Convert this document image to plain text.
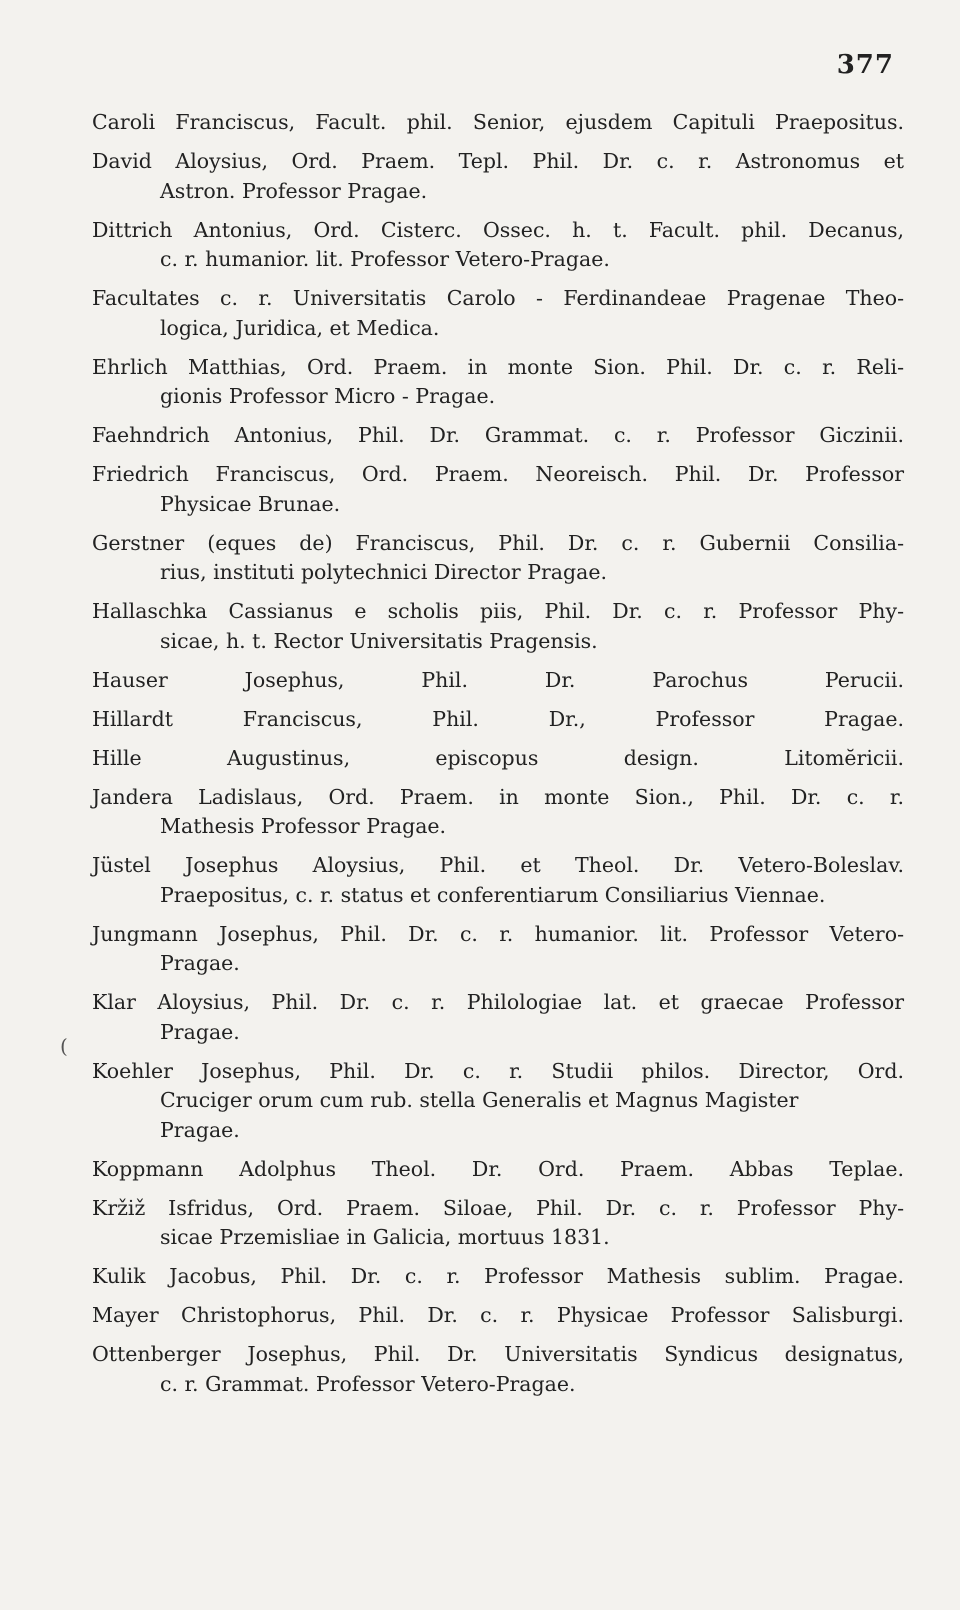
377
(
Caroli Franciscus, Facult. phil. Senior, ejusdem Capituli Praepositus.
David Aloysius, Ord. Praem. Tepl. Phil. Dr. c. r. Astronomus et
Astron. Professor Pragae.
Dittrich Antonius, Ord. Cisterc. Ossec. h. t. Facult. phil. Decanus,
c. r. humanior. lit. Professor Vetero-Pragae.
Facultates c. r. Universitatis Carolo - Ferdinandeae Pragenae Theo-
logica, Juridica, et Medica.
Ehrlich Matthias, Ord. Praem. in monte Sion. Phil. Dr. c. r. Reli-
gionis Professor Micro - Pragae.
Faehndrich Antonius, Phil. Dr. Grammat. c. r. Professor Giczinii.
Friedrich Franciscus, Ord. Praem. Neoreisch. Phil. Dr. Professor
Physicae Brunae.
Gerstner (eques de) Franciscus, Phil. Dr. c. r. Gubernii Consilia-
rius, instituti polytechnici Director Pragae.
Hallaschka Cassianus e scholis piis, Phil. Dr. c. r. Professor Phy-
sicae, h. t. Rector Universitatis Pragensis.
Hauser Josephus, Phil. Dr. Parochus Perucii.
Hillardt Franciscus, Phil. Dr., Professor Pragae.
Hille Augustinus, episcopus design. Litomĕricii.
Jandera Ladislaus, Ord. Praem. in monte Sion., Phil. Dr. c. r.
Mathesis Professor Pragae.
Jüstel Josephus Aloysius, Phil. et Theol. Dr. Vetero-Boleslav.
Praepositus, c. r. status et conferentiarum Consiliarius Viennae.
Jungmann Josephus, Phil. Dr. c. r. humanior. lit. Professor Vetero-
Pragae.
Klar Aloysius, Phil. Dr. c. r. Philologiae lat. et graecae Professor
Pragae.
Koehler Josephus, Phil. Dr. c. r. Studii philos. Director, Ord.
Cruciger orum cum rub. stella Generalis et Magnus Magister
Pragae.
Koppmann Adolphus Theol. Dr. Ord. Praem. Abbas Teplae.
Kržiž Isfridus, Ord. Praem. Siloae, Phil. Dr. c. r. Professor Phy-
sicae Przemisliae in Galicia, mortuus 1831.
Kulik Jacobus, Phil. Dr. c. r. Professor Mathesis sublim. Pragae.
Mayer Christophorus, Phil. Dr. c. r. Physicae Professor Salisburgi.
Ottenberger Josephus, Phil. Dr. Universitatis Syndicus designatus,
c. r. Grammat. Professor Vetero-Pragae.
